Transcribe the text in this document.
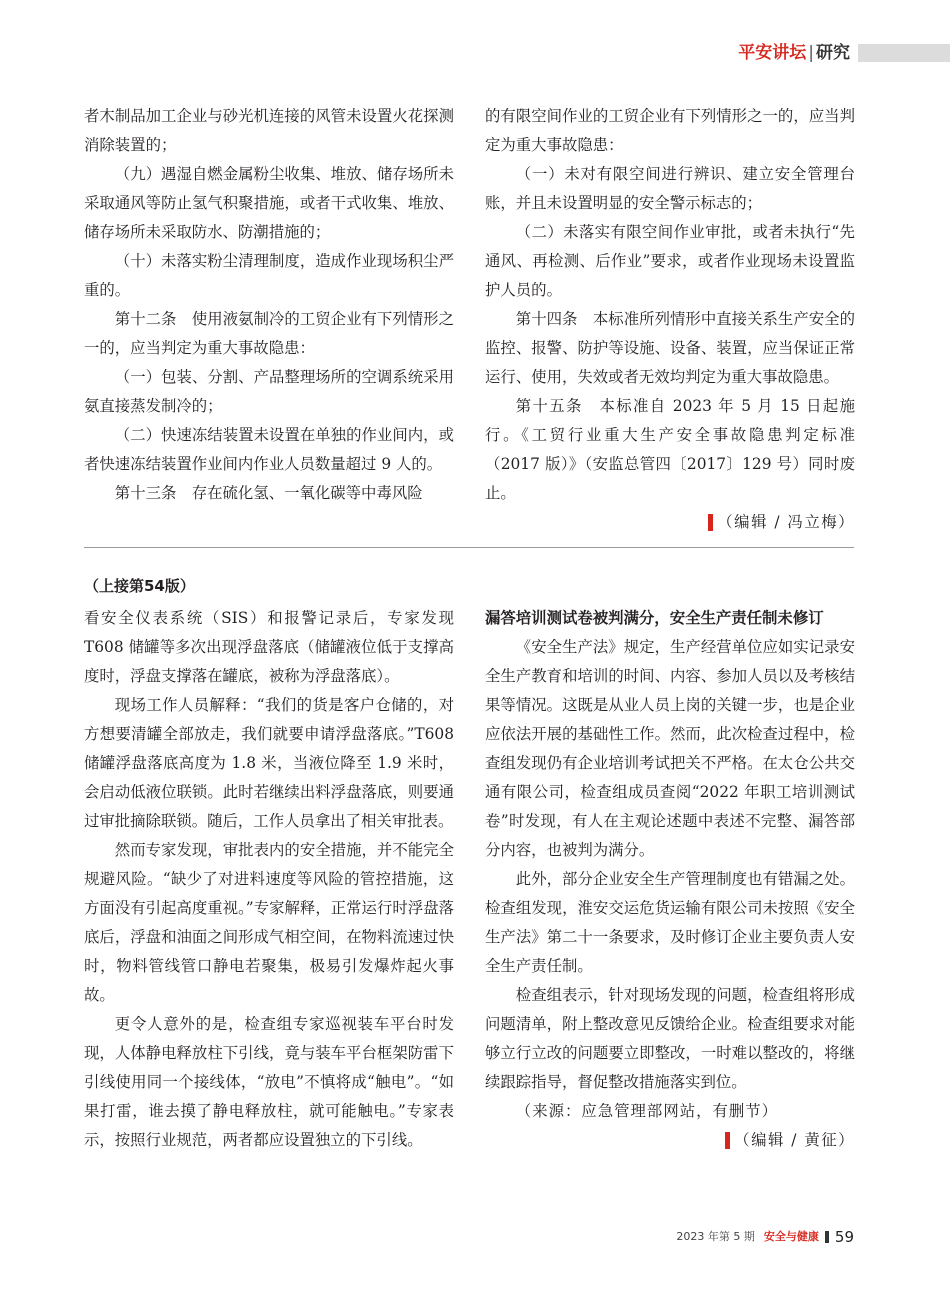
平安讲坛 | 研究

者木制品加工企业与砂光机连接的风管未设置火花探测消除装置的；

（九）遇湿自燃金属粉尘收集、堆放、储存场所未采取通风等防止氢气积聚措施，或者干式收集、堆放、储存场所未采取防水、防潮措施的；

（十）未落实粉尘清理制度，造成作业现场积尘严重的。

第十二条　使用液氨制冷的工贸企业有下列情形之一的，应当判定为重大事故隐患：

（一）包装、分割、产品整理场所的空调系统采用氨直接蒸发制冷的；

（二）快速冻结装置未设置在单独的作业间内，或者快速冻结装置作业间内作业人员数量超过 9 人的。

第十三条　存在硫化氢、一氧化碳等中毒风险

的有限空间作业的工贸企业有下列情形之一的，应当判定为重大事故隐患：

（一）未对有限空间进行辨识、建立安全管理台账，并且未设置明显的安全警示标志的；

（二）未落实有限空间作业审批，或者未执行“先通风、再检测、后作业”要求，或者作业现场未设置监护人员的。

第十四条　本标准所列情形中直接关系生产安全的监控、报警、防护等设施、设备、装置，应当保证正常运行、使用，失效或者无效均判定为重大事故隐患。

第十五条　本标准自 2023 年 5 月 15 日起施行。《工贸行业重大生产安全事故隐患判定标准（2017 版）》（安监总管四〔2017〕129 号）同时废止。

（编辑 / 冯立梅）

（上接第54版）

看安全仪表系统（SIS）和报警记录后，专家发现 T608 储罐等多次出现浮盘落底（储罐液位低于支撑高度时，浮盘支撑落在罐底，被称为浮盘落底）。

现场工作人员解释：“我们的货是客户仓储的，对方想要清罐全部放走，我们就要申请浮盘落底。”T608 储罐浮盘落底高度为 1.8 米，当液位降至 1.9 米时，会启动低液位联锁。此时若继续出料浮盘落底，则要通过审批摘除联锁。随后，工作人员拿出了相关审批表。

然而专家发现，审批表内的安全措施，并不能完全规避风险。“缺少了对进料速度等风险的管控措施，这方面没有引起高度重视。”专家解释，正常运行时浮盘落底后，浮盘和油面之间形成气相空间，在物料流速过快时，物料管线管口静电若聚集，极易引发爆炸起火事故。

更令人意外的是，检查组专家巡视装车平台时发现，人体静电释放柱下引线，竟与装车平台框架防雷下引线使用同一个接线体，“放电”不慎将成“触电”。“如果打雷，谁去摸了静电释放柱，就可能触电。”专家表示，按照行业规范，两者都应设置独立的下引线。

漏答培训测试卷被判满分，安全生产责任制未修订

《安全生产法》规定，生产经营单位应如实记录安全生产教育和培训的时间、内容、参加人员以及考核结果等情况。这既是从业人员上岗的关键一步，也是企业应依法开展的基础性工作。然而，此次检查过程中，检查组发现仍有企业培训考试把关不严格。在太仓公共交通有限公司，检查组成员查阅“2022 年职工培训测试卷”时发现，有人在主观论述题中表述不完整、漏答部分内容，也被判为满分。

此外，部分企业安全生产管理制度也有错漏之处。检查组发现，淮安交运危货运输有限公司未按照《安全生产法》第二十一条要求，及时修订企业主要负责人安全生产责任制。

检查组表示，针对现场发现的问题，检查组将形成问题清单，附上整改意见反馈给企业。检查组要求对能够立行立改的问题要立即整改，一时难以整改的，将继续跟踪指导，督促整改措施落实到位。

（来源：应急管理部网站，有删节）

（编辑 / 黄征）

2023 年第 5 期 安全与健康 59
